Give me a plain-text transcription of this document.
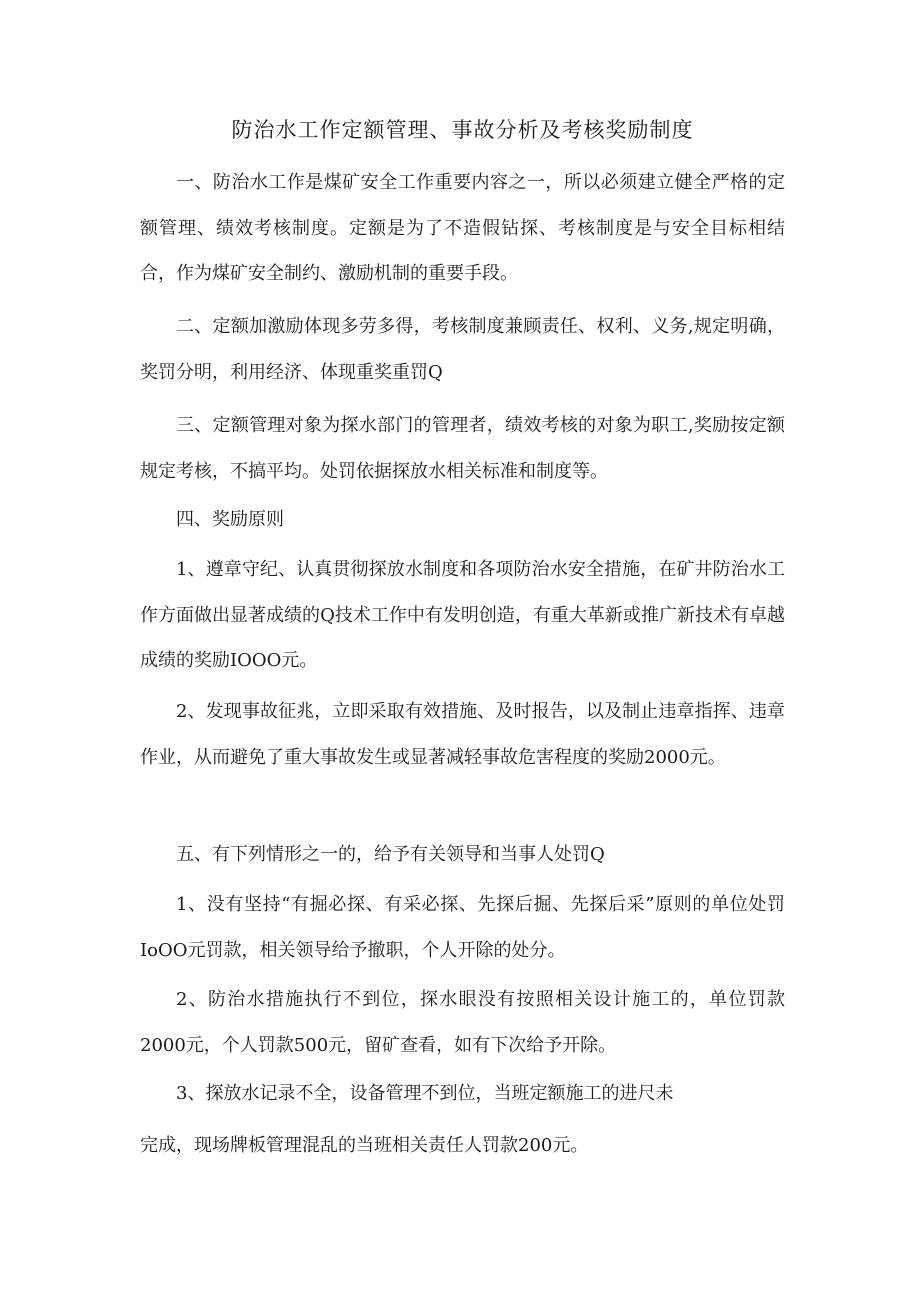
防治水工作定额管理、事故分析及考核奖励制度

一、防治水工作是煤矿安全工作重要内容之一，所以必须建立健全严格的定额管理、绩效考核制度。定额是为了不造假钻探、考核制度是与安全目标相结合，作为煤矿安全制约、激励机制的重要手段。

二、定额加激励体现多劳多得，考核制度兼顾责任、权利、义务,规定明确，奖罚分明，利用经济、体现重奖重罚Q

三、定额管理对象为探水部门的管理者，绩效考核的对象为职工,奖励按定额规定考核，不搞平均。处罚依据探放水相关标准和制度等。

四、奖励原则

1、遵章守纪、认真贯彻探放水制度和各项防治水安全措施，在矿井防治水工作方面做出显著成绩的Q技术工作中有发明创造，有重大革新或推广新技术有卓越成绩的奖励IOOO元。

2、发现事故征兆，立即采取有效措施、及时报告，以及制止违章指挥、违章作业，从而避免了重大事故发生或显著减轻事故危害程度的奖励2000元。

五、有下列情形之一的，给予有关领导和当事人处罚Q

1、没有坚持“有掘必探、有采必探、先探后掘、先探后采”原则的单位处罚IoOO元罚款，相关领导给予撤职，个人开除的处分。

2、防治水措施执行不到位，探水眼没有按照相关设计施工的，单位罚款2000元，个人罚款500元，留矿查看，如有下次给予开除。

3、探放水记录不全，设备管理不到位，当班定额施工的进尺未

完成，现场牌板管理混乱的当班相关责任人罚款200元。
